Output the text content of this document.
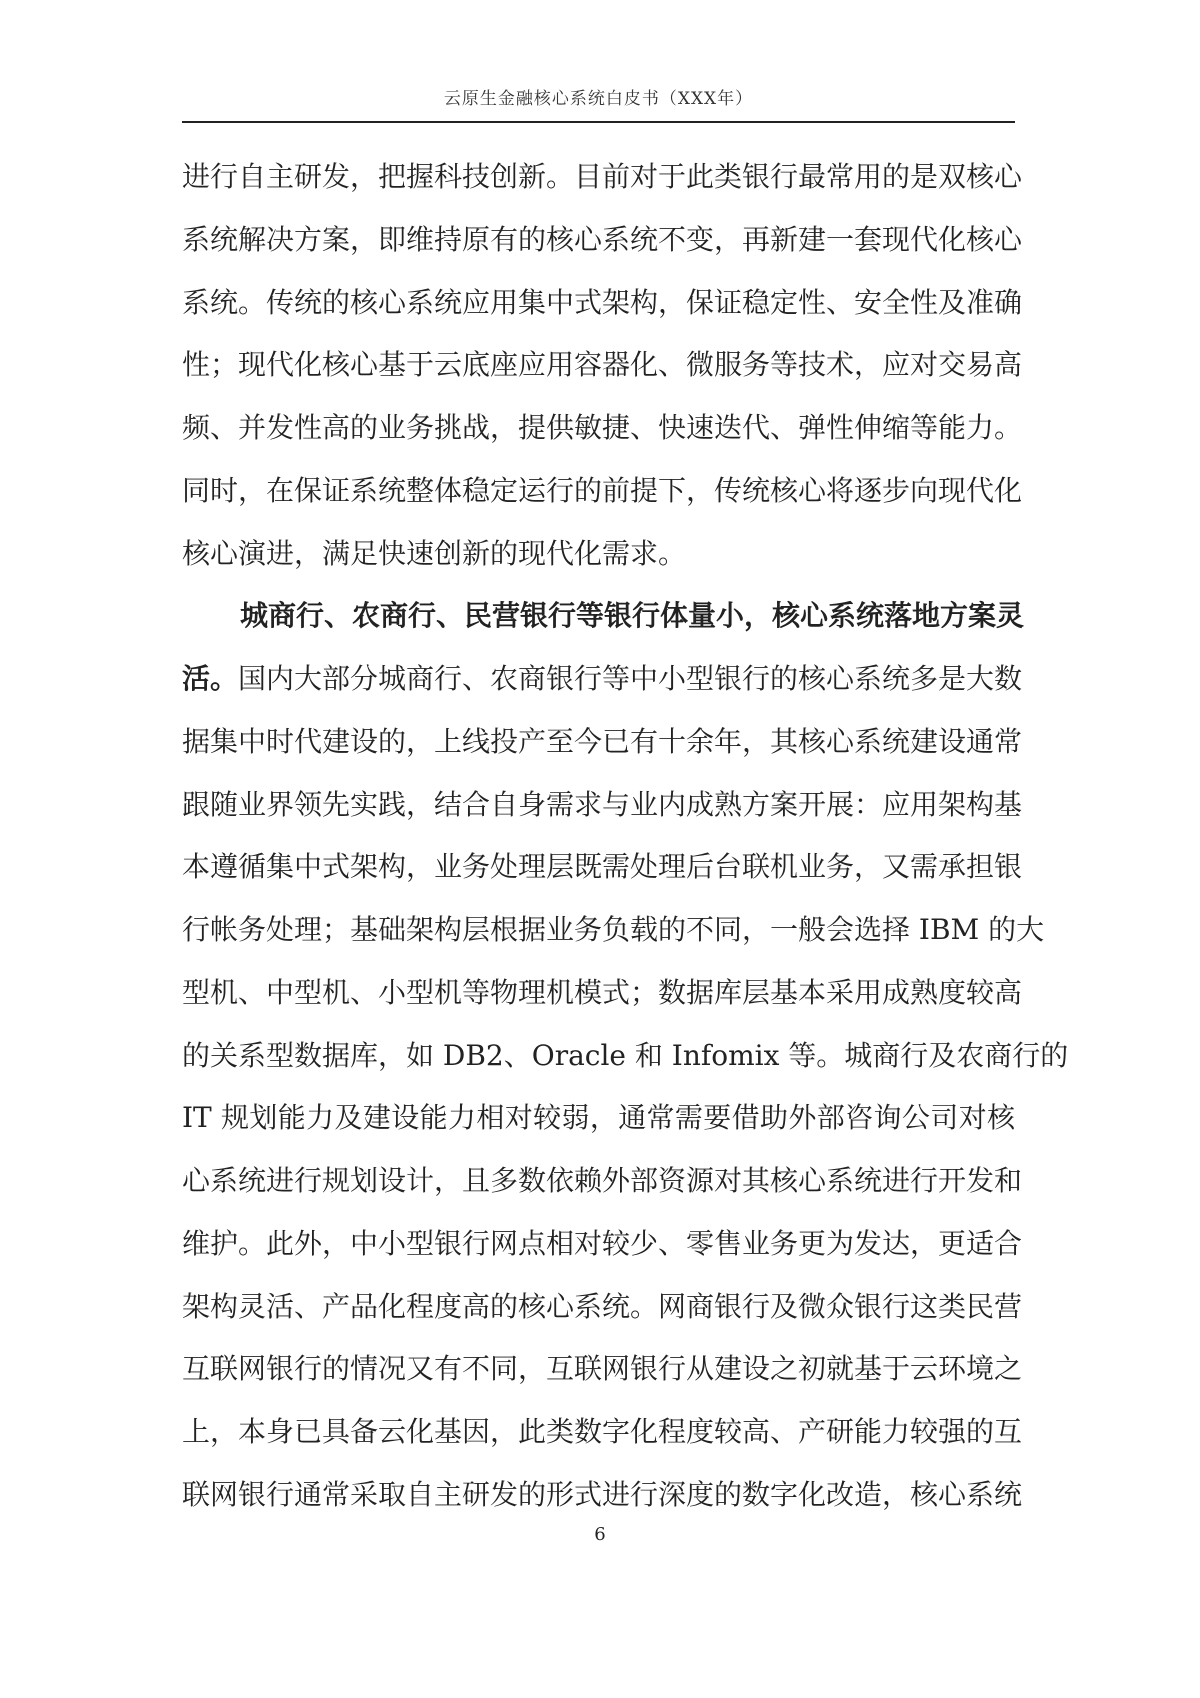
云原生金融核心系统白皮书（XXX年）
进行自主研发，把握科技创新。目前对于此类银行最常用的是双核心
系统解决方案，即维持原有的核心系统不变，再新建一套现代化核心
系统。传统的核心系统应用集中式架构，保证稳定性、安全性及准确
性；现代化核心基于云底座应用容器化、微服务等技术，应对交易高
频、并发性高的业务挑战，提供敏捷、快速迭代、弹性伸缩等能力。
同时，在保证系统整体稳定运行的前提下，传统核心将逐步向现代化
核心演进，满足快速创新的现代化需求。
城商行、农商行、民营银行等银行体量小，核心系统落地方案灵
活。国内大部分城商行、农商银行等中小型银行的核心系统多是大数
据集中时代建设的，上线投产至今已有十余年，其核心系统建设通常
跟随业界领先实践，结合自身需求与业内成熟方案开展：应用架构基
本遵循集中式架构，业务处理层既需处理后台联机业务，又需承担银
行帐务处理；基础架构层根据业务负载的不同，一般会选择 IBM 的大
型机、中型机、小型机等物理机模式；数据库层基本采用成熟度较高
的关系型数据库，如 DB2、Oracle 和 Infomix 等。城商行及农商行的
IT 规划能力及建设能力相对较弱，通常需要借助外部咨询公司对核
心系统进行规划设计，且多数依赖外部资源对其核心系统进行开发和
维护。此外，中小型银行网点相对较少、零售业务更为发达，更适合
架构灵活、产品化程度高的核心系统。网商银行及微众银行这类民营
互联网银行的情况又有不同，互联网银行从建设之初就基于云环境之
上，本身已具备云化基因，此类数字化程度较高、产研能力较强的互
联网银行通常采取自主研发的形式进行深度的数字化改造，核心系统
6
